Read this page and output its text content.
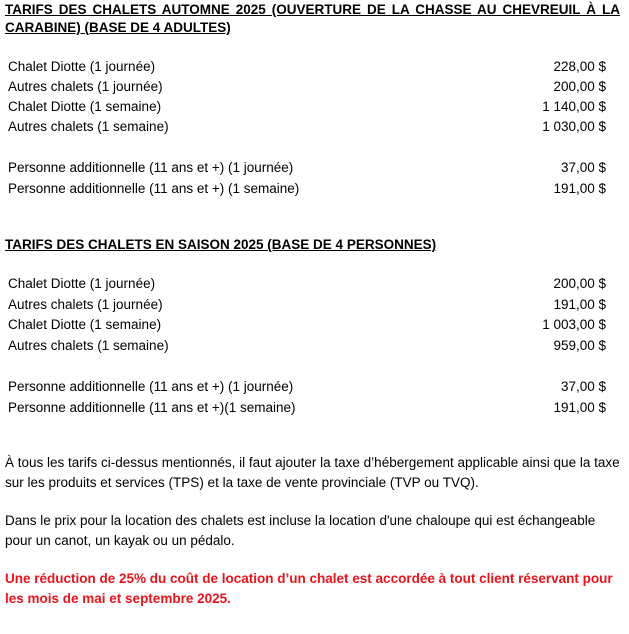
TARIFS DES CHALETS AUTOMNE 2025 (OUVERTURE DE LA CHASSE AU CHEVREUIL À LA CARABINE) (BASE DE 4 ADULTES)
Chalet Diotte (1 journée)	228,00 $
Autres chalets (1 journée)	200,00 $
Chalet Diotte (1 semaine)	1 140,00 $
Autres chalets (1 semaine)	1 030,00 $
Personne additionnelle (11 ans et +) (1 journée)	37,00 $
Personne additionnelle (11 ans et +) (1 semaine)	191,00 $
TARIFS DES CHALETS EN SAISON 2025 (BASE DE 4 PERSONNES)
Chalet Diotte (1 journée)	200,00 $
Autres chalets (1 journée)	191,00 $
Chalet Diotte (1 semaine)	1 003,00 $
Autres chalets (1 semaine)	959,00 $
Personne additionnelle (11 ans et +) (1 journée)	37,00 $
Personne additionnelle (11 ans et +)(1 semaine)	191,00 $
À tous les tarifs ci-dessus mentionnés, il faut ajouter la taxe d’hébergement applicable ainsi que la taxe sur les produits et services (TPS) et la taxe de vente provinciale (TVP ou TVQ).
Dans le prix pour la location des chalets est incluse la location d'une chaloupe qui est échangeable pour un canot, un kayak ou un pédalo.
Une réduction de 25% du coût de location d’un chalet est accordée à tout client réservant pour les mois de mai et septembre 2025.
